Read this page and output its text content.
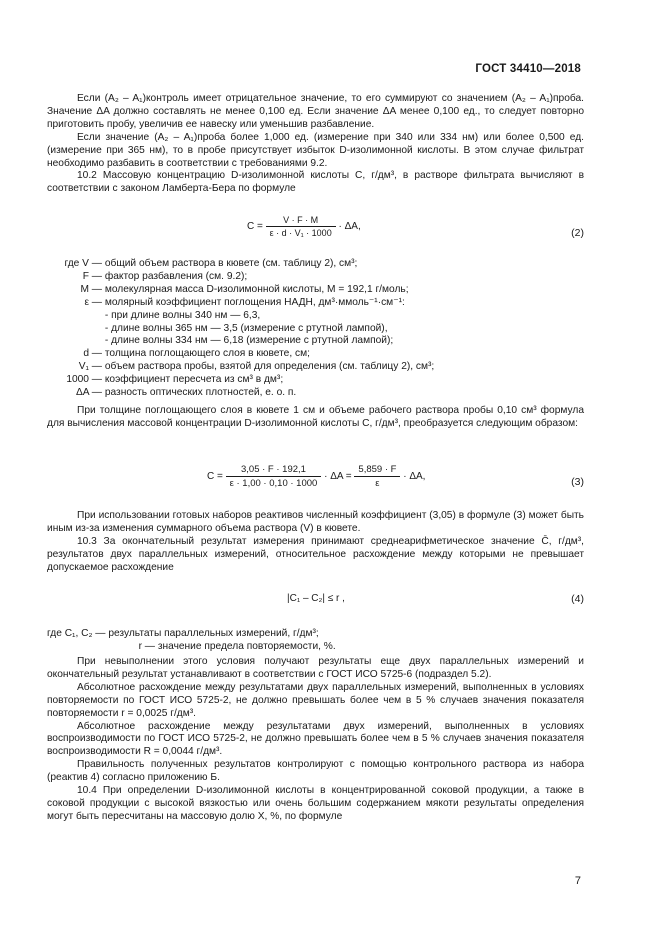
ГОСТ 34410—2018

Если (A₂ – A₁)контроль имеет отрицательное значение, то его суммируют со значением (A₂ – A₁)проба. Значение ΔA должно составлять не менее 0,100 ед. Если значение ΔA менее 0,100 ед., то следует повторно приготовить пробу, увеличив ее навеску или уменьшив разбавление.

Если значение (A₂ – A₁)проба более 1,000 ед. (измерение при 340 или 334 нм) или более 0,500 ед. (измерение при 365 нм), то в пробе присутствует избыток D-изолимонной кислоты. В этом случае фильтрат необходимо разбавить в соответствии с требованиями 9.2.

10.2 Массовую концентрацию D-изолимонной кислоты C, г/дм³, в растворе фильтрата вычисляют в соответствии с законом Ламберта-Бера по формуле

$C = \frac{V \cdot F \cdot M}{\text{ε · d · V₁ · 1000}} \cdot \Delta A$,
(2)
где V — общий объем раствора в кювете (см. таблицу 2), см³;
F — фактор разбавления (см. 9.2);
M — молекулярная масса D-изолимонной кислоты, M = 192,1 г/моль;
ε — молярный коэффициент поглощения НАДН, дм³·ммоль⁻¹·см⁻¹:
- при длине волны 340 нм — 6,3,
- длине волны 365 нм — 3,5 (измерение с ртутной лампой),
- длине волны 334 нм — 6,18 (измерение с ртутной лампой);
d — толщина поглощающего слоя в кювете, см;
V₁ — объем раствора пробы, взятой для определения (см. таблицу 2), см³;
1000 — коэффициент пересчета из см³ в дм³;
ΔA — разность оптических плотностей, е. о. п.

При толщине поглощающего слоя в кювете 1 см и объеме рабочего раствора пробы 0,10 см³ формула для вычисления массовой концентрации D-изолимонной кислоты C, г/дм³, преобразуется следующим образом:

$C = \frac{3,05 \cdot F \cdot 192,1}{\varepsilon \cdot 1,00 \cdot 0,10 \cdot 1000} \cdot \Delta A = \frac{5,859 \cdot F}{\varepsilon} \cdot \Delta A$,	(3)

При использовании готовых наборов реактивов численный коэффициент (3,05) в формуле (3) может быть иным из-за изменения суммарного объема раствора (V) в кювете.

10.3 За окончательный результат измерения принимают среднеарифметическое значение C̄, г/дм³, результатов двух параллельных измерений, относительное расхождение между которыми не превышает допускаемое расхождение

|C₁ – C₂| ≤ r ,	(4)
где C₁, C₂ — результаты параллельных измерений, г/дм³;
r — значение предела повторяемости, %.

При невыполнении этого условия получают результаты еще двух параллельных измерений и окончательный результат устанавливают в соответствии с ГОСТ ИСО 5725-6 (подраздел 5.2).

Абсолютное расхождение между результатами двух параллельных измерений, выполненных в условиях повторяемости по ГОСТ ИСО 5725-2, не должно превышать более чем в 5 % случаев значения показателя повторяемости r = 0,0025 г/дм³.

Абсолютное расхождение между результатами двух измерений, выполненных в условиях воспроизводимости по ГОСТ ИСО 5725-2, не должно превышать более чем в 5 % случаев значения показателя воспроизводимости R = 0,0044 г/дм³.

Правильность полученных результатов контролируют с помощью контрольного раствора из набора (реактив 4) согласно приложению Б.

10.4 При определении D-изолимонной кислоты в концентрированной соковой продукции, а также в соковой продукции с высокой вязкостью или очень большим содержанием мякоти результаты определения могут быть пересчитаны на массовую долю X, %, по формуле

7
